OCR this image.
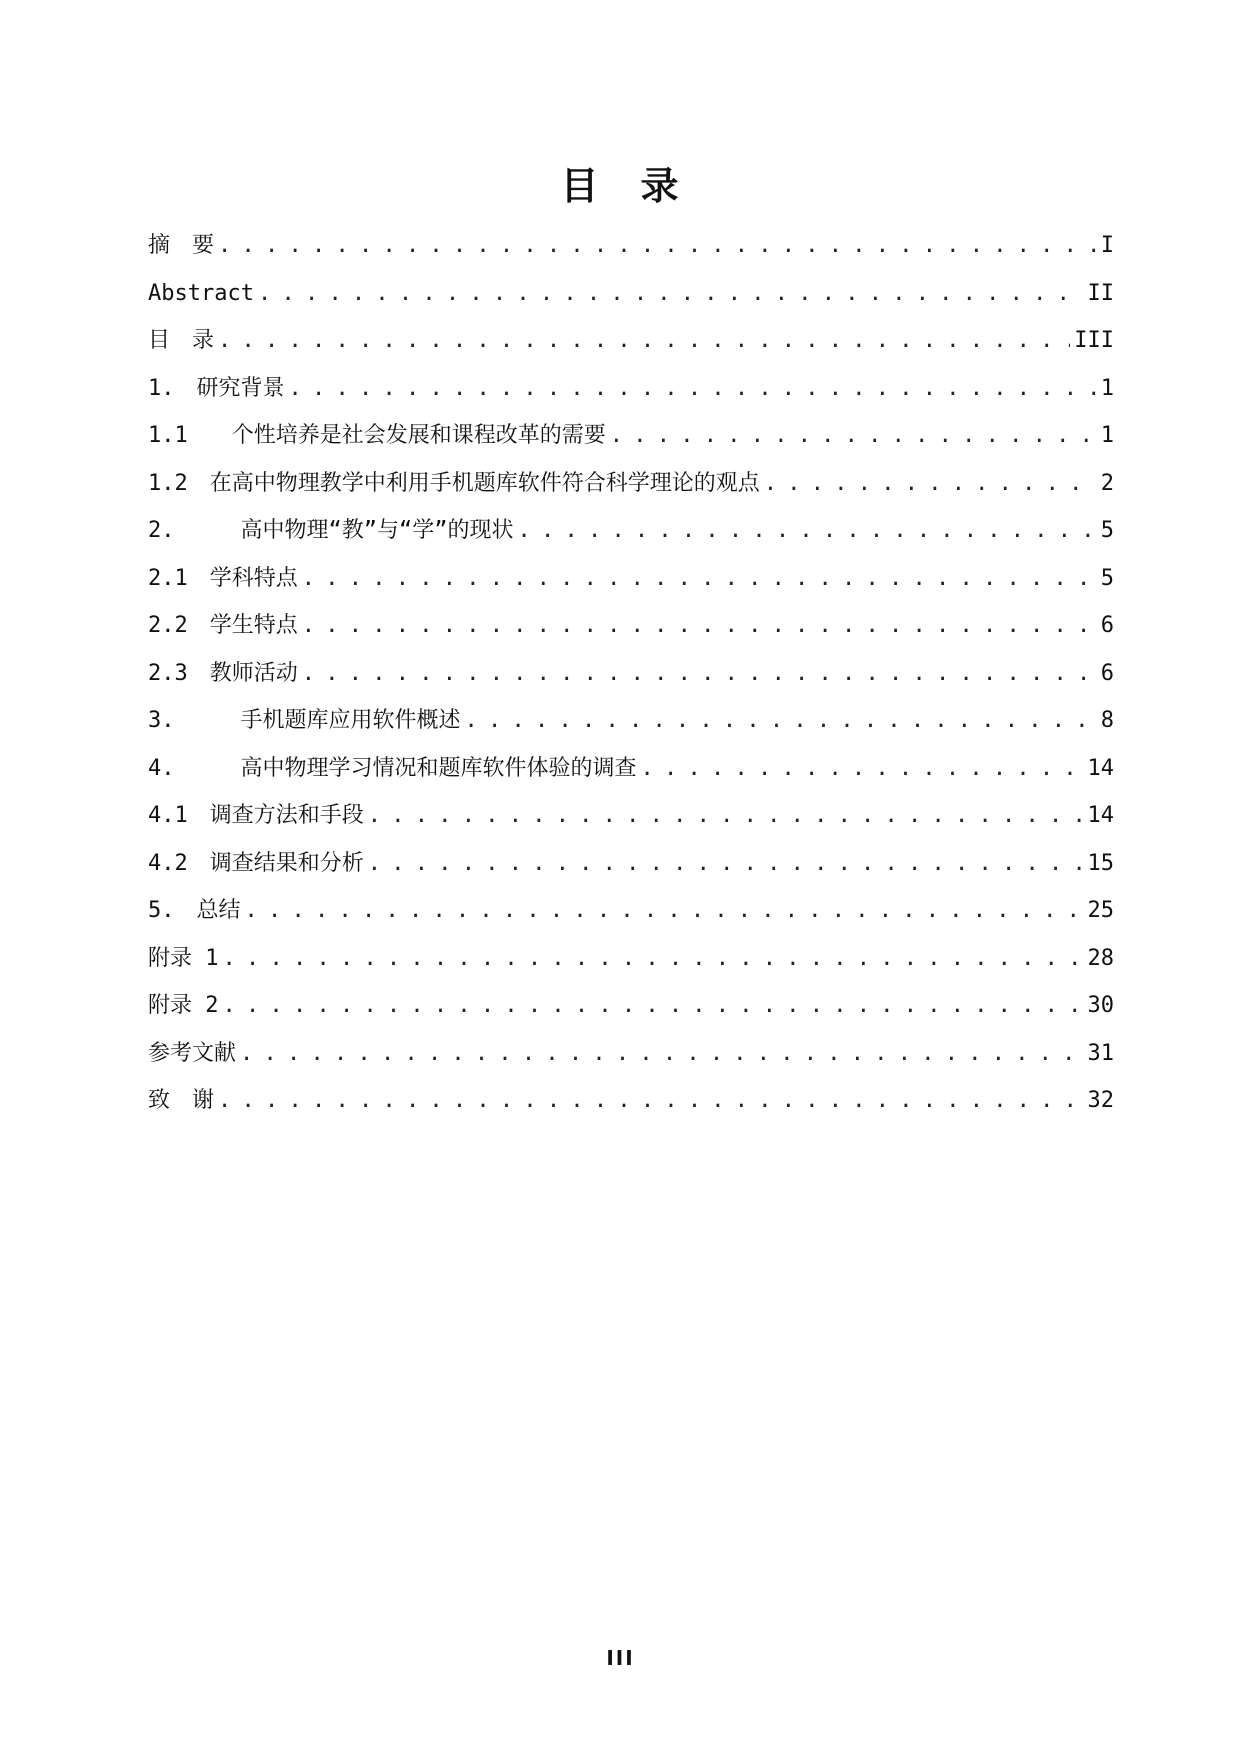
目　录
摘　要 . . .	I
Abstract . . .	II
目　录 . . .	III
1.　 研究背景 . . .	1
1.1　　 个性培养是社会发展和课程改革的需要 . . .	1
1.2　 在高中物理教学中利用手机题库软件符合科学理论的观点 . . .	2
2.　　　 高中物理“教”与“学”的现状 . . .	5
2.1　 学科特点 . . .	5
2.2　 学生特点 . . .	6
2.3　 教师活动 . . .	6
3.　　　 手机题库应用软件概述 . . .	8
4.　　　 高中物理学习情况和题库软件体验的调查 . . .	14
4.1　 调查方法和手段 . . .	14
4.2　 调查结果和分析 . . .	15
5.　 总结 . . .	25
附录 1 . . .	28
附录 2 . . .	30
参考文献 . . .	31
致　谢 . . .	32
III
